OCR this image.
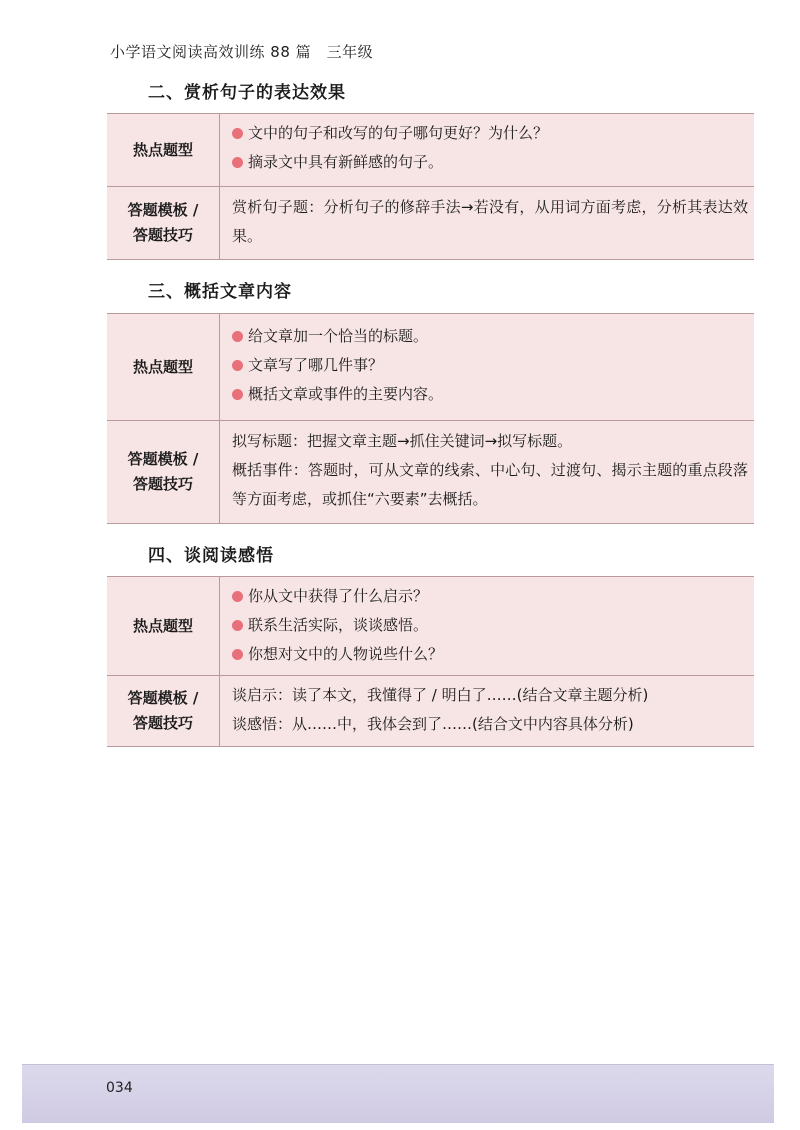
小学语文阅读高效训练 88 篇　三年级
二、赏析句子的表达效果
热点题型
文中的句子和改写的句子哪句更好？为什么？
摘录文中具有新鲜感的句子。
答题模板 /
答题技巧
赏析句子题：分析句子的修辞手法→若没有，从用词方面考虑，分析其表达效果。
三、概括文章内容
热点题型
给文章加一个恰当的标题。
文章写了哪几件事？
概括文章或事件的主要内容。
答题模板 /
答题技巧
拟写标题：把握文章主题→抓住关键词→拟写标题。
概括事件：答题时，可从文章的线索、中心句、过渡句、揭示主题的重点段落等方面考虑，或抓住“六要素”去概括。
四、谈阅读感悟
热点题型
你从文中获得了什么启示？
联系生活实际，谈谈感悟。
你想对文中的人物说些什么？
答题模板 /
答题技巧
谈启示：读了本文，我懂得了 / 明白了……(结合文章主题分析)
谈感悟：从……中，我体会到了……(结合文中内容具体分析)
034
